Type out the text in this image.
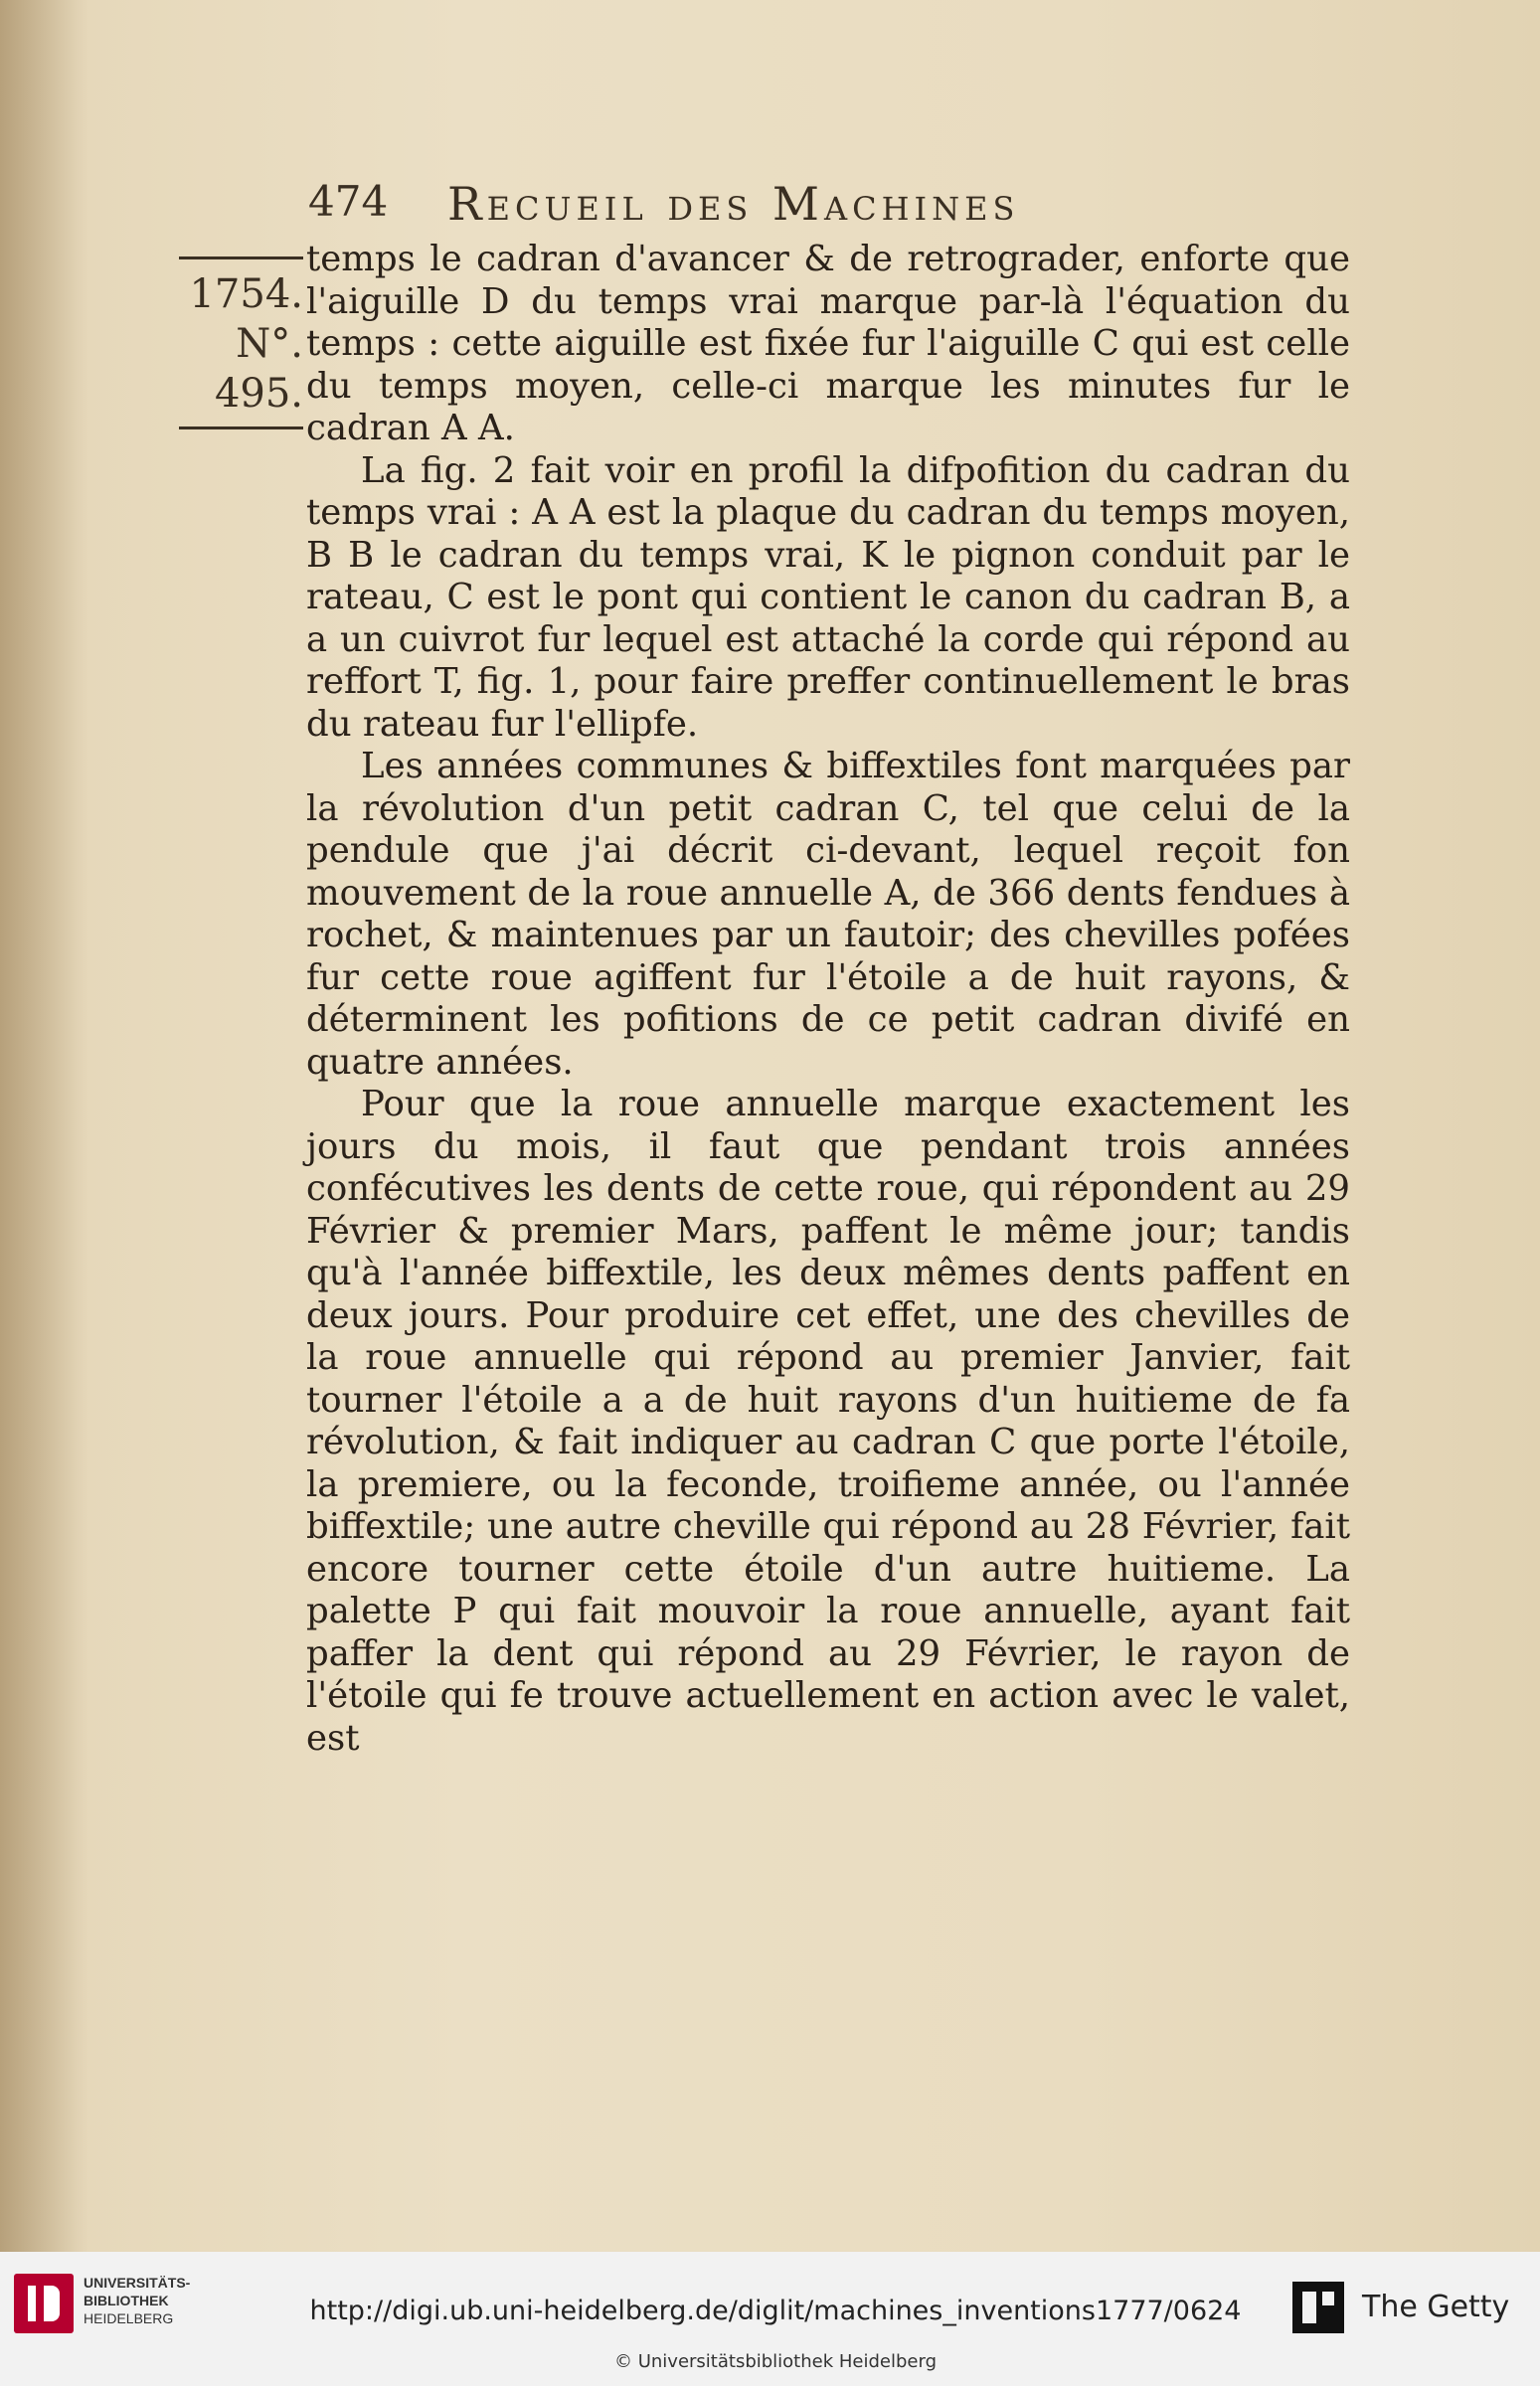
474 Recueil des Machines
1754.
N°. 495.

temps le cadran d'avancer & de retrograder, enforte que l'aiguille D du temps vrai marque par-là l'équation du temps : cette aiguille est fixée fur l'aiguille C qui est celle du temps moyen, celle-ci marque les minutes fur le cadran A A.

La fig. 2 fait voir en profil la difpofition du cadran du temps vrai : A A est la plaque du cadran du temps moyen, B B le cadran du temps vrai, K le pignon conduit par le rateau, C est le pont qui contient le canon du cadran B, a a un cuivrot fur lequel est attaché la corde qui répond au reffort T, fig. 1, pour faire preffer continuellement le bras du rateau fur l'ellipfe.

Les années communes & biffextiles font marquées par la révolution d'un petit cadran C, tel que celui de la pendule que j'ai décrit ci-devant, lequel reçoit fon mouvement de la roue annuelle A, de 366 dents fendues à rochet, & maintenues par un fautoir; des chevilles pofées fur cette roue agiffent fur l'étoile a de huit rayons, & déterminent les pofitions de ce petit cadran divifé en quatre années.

Pour que la roue annuelle marque exactement les jours du mois, il faut que pendant trois années confécutives les dents de cette roue, qui répondent au 29 Février & premier Mars, paffent le même jour; tandis qu'à l'année biffextile, les deux mêmes dents paffent en deux jours. Pour produire cet effet, une des chevilles de la roue annuelle qui répond au premier Janvier, fait tourner l'étoile a a de huit rayons d'un huitieme de fa révolution, & fait indiquer au cadran C que porte l'étoile, la premiere, ou la feconde, troifieme année, ou l'année biffextile; une autre cheville qui répond au 28 Février, fait encore tourner cette étoile d'un autre huitieme. La palette P qui fait mouvoir la roue annuelle, ayant fait paffer la dent qui répond au 29 Février, le rayon de l'étoile qui fe trouve actuellement en action avec le valet, est

UNIVERSITÄTS-
BIBLIOTHEK
HEIDELBERG	http://digi.ub.uni-heidelberg.de/diglit/machines_inventions1777/0624
© Universitätsbibliothek Heidelberg
The Getty
